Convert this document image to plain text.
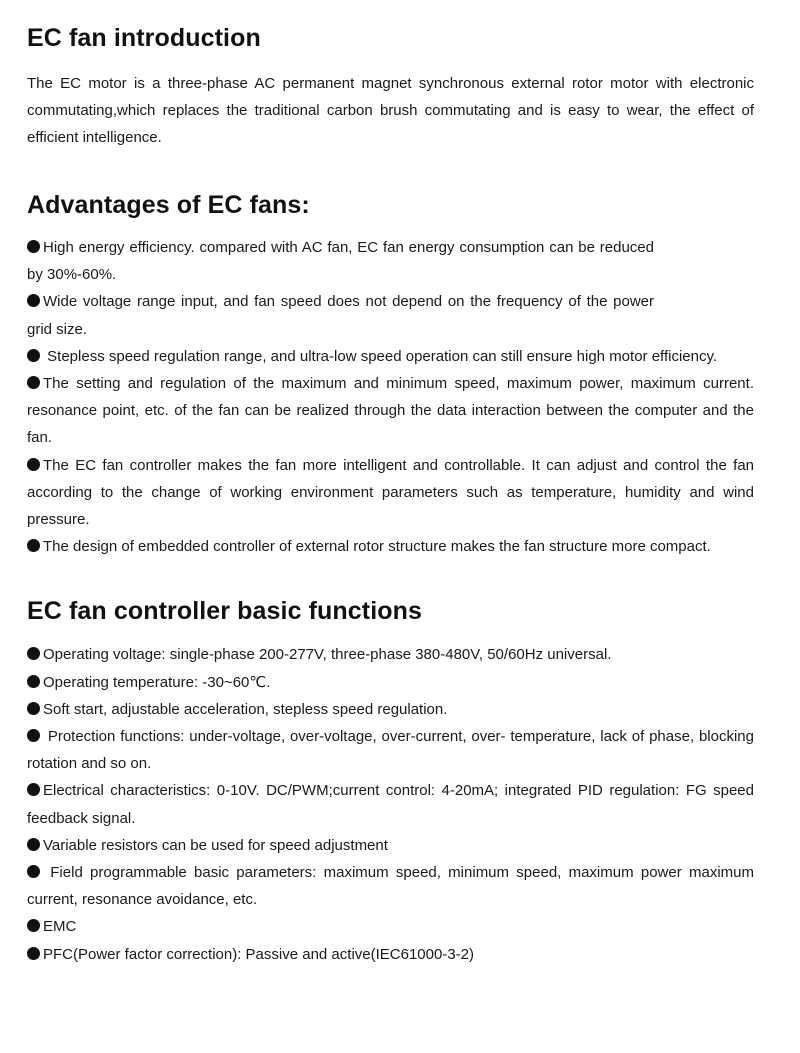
EC fan introduction

The EC motor is a three-phase AC permanent magnet synchronous external rotor motor with electronic commutating,which replaces the traditional carbon brush commutating and is easy to wear, the effect of efficient intelligence.

Advantages of EC fans:
High energy efficiency. compared with AC fan, EC fan energy consumption can be reduced by 30%-60%.
Wide voltage range input, and fan speed does not depend on the frequency of the power grid size.
Stepless speed regulation range, and ultra-low speed operation can still ensure high motor efficiency.
The setting and regulation of the maximum and minimum speed, maximum power, maximum current. resonance point, etc. of the fan can be realized through the data interaction between the computer and the fan.
The EC fan controller makes the fan more intelligent and controllable. It can adjust and control the fan according to the change of working environment parameters such as temperature, humidity and wind pressure.
The design of embedded controller of external rotor structure makes the fan structure more compact.
EC fan controller basic functions
Operating voltage: single-phase 200-277V, three-phase 380-480V, 50/60Hz universal.
Operating temperature: -30~60℃.
Soft start, adjustable acceleration, stepless speed regulation.
Protection functions: under-voltage, over-voltage, over-current, over- temperature, lack of phase, blocking rotation and so on.
Electrical characteristics: 0-10V. DC/PWM;current control: 4-20mA; integrated PID regulation: FG speed feedback signal.
Variable resistors can be used for speed adjustment
Field programmable basic parameters: maximum speed, minimum speed, maximum power maximum current, resonance avoidance, etc.
EMC
PFC(Power factor correction): Passive and active(IEC61000-3-2)
